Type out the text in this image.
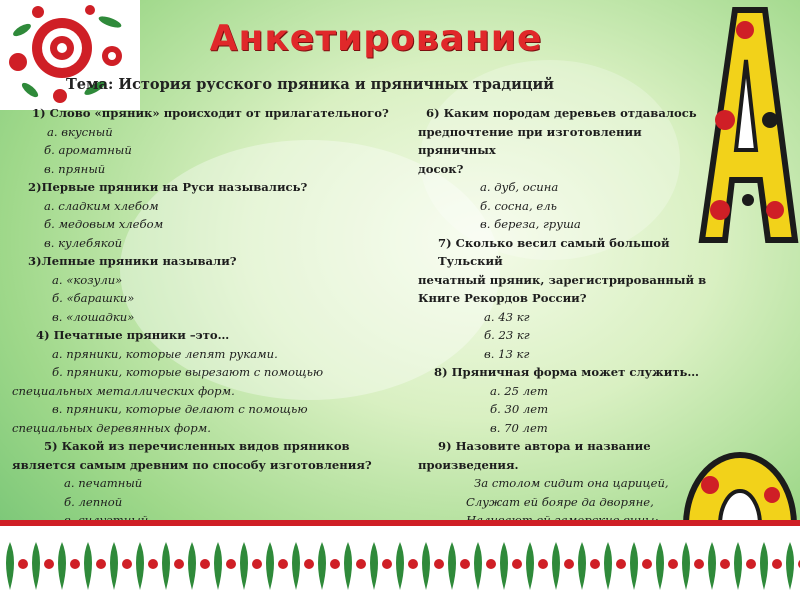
Анкетирование
Тема: История русского пряника и пряничных традиций
1) Слово «пряник» происходит от прилагательного?
а. вкусный
б. ароматный
в. пряный
2)Первые пряники на Руси назывались?
а. сладким хлебом
б. медовым хлебом
в. кулебякой
3)Лепные пряники называли?
а. «козули»
б. «барашки»
в. «лошадки»
4) Печатные пряники –это…
а. пряники, которые лепят руками.
б. пряники, которые вырезают с помощью
специальных металлических форм.
в. пряники, которые делают с помощью
специальных деревянных форм.
5) Какой из перечисленных видов пряников
является самым древним по способу изготовления?
а. печатный
б. лепной
6) Каким породам деревьев отдавалось
предпочтение при изготовлении пряничных
досок?
а. дуб, осина
б. сосна, ель
в. береза, груша
7) Сколько весил самый большой Тульский
печатный пряник, зарегистрированный в
Книге Рекордов России?
а. 43 кг
б. 23 кг
в. 13 кг
8) Пряничная форма может служить…
а. 25 лет
б. 30 лет
в. 70 лет
9) Назовите автора и название
произведения.
За столом сидит она царицей,
Служат ей бояре да дворяне,
